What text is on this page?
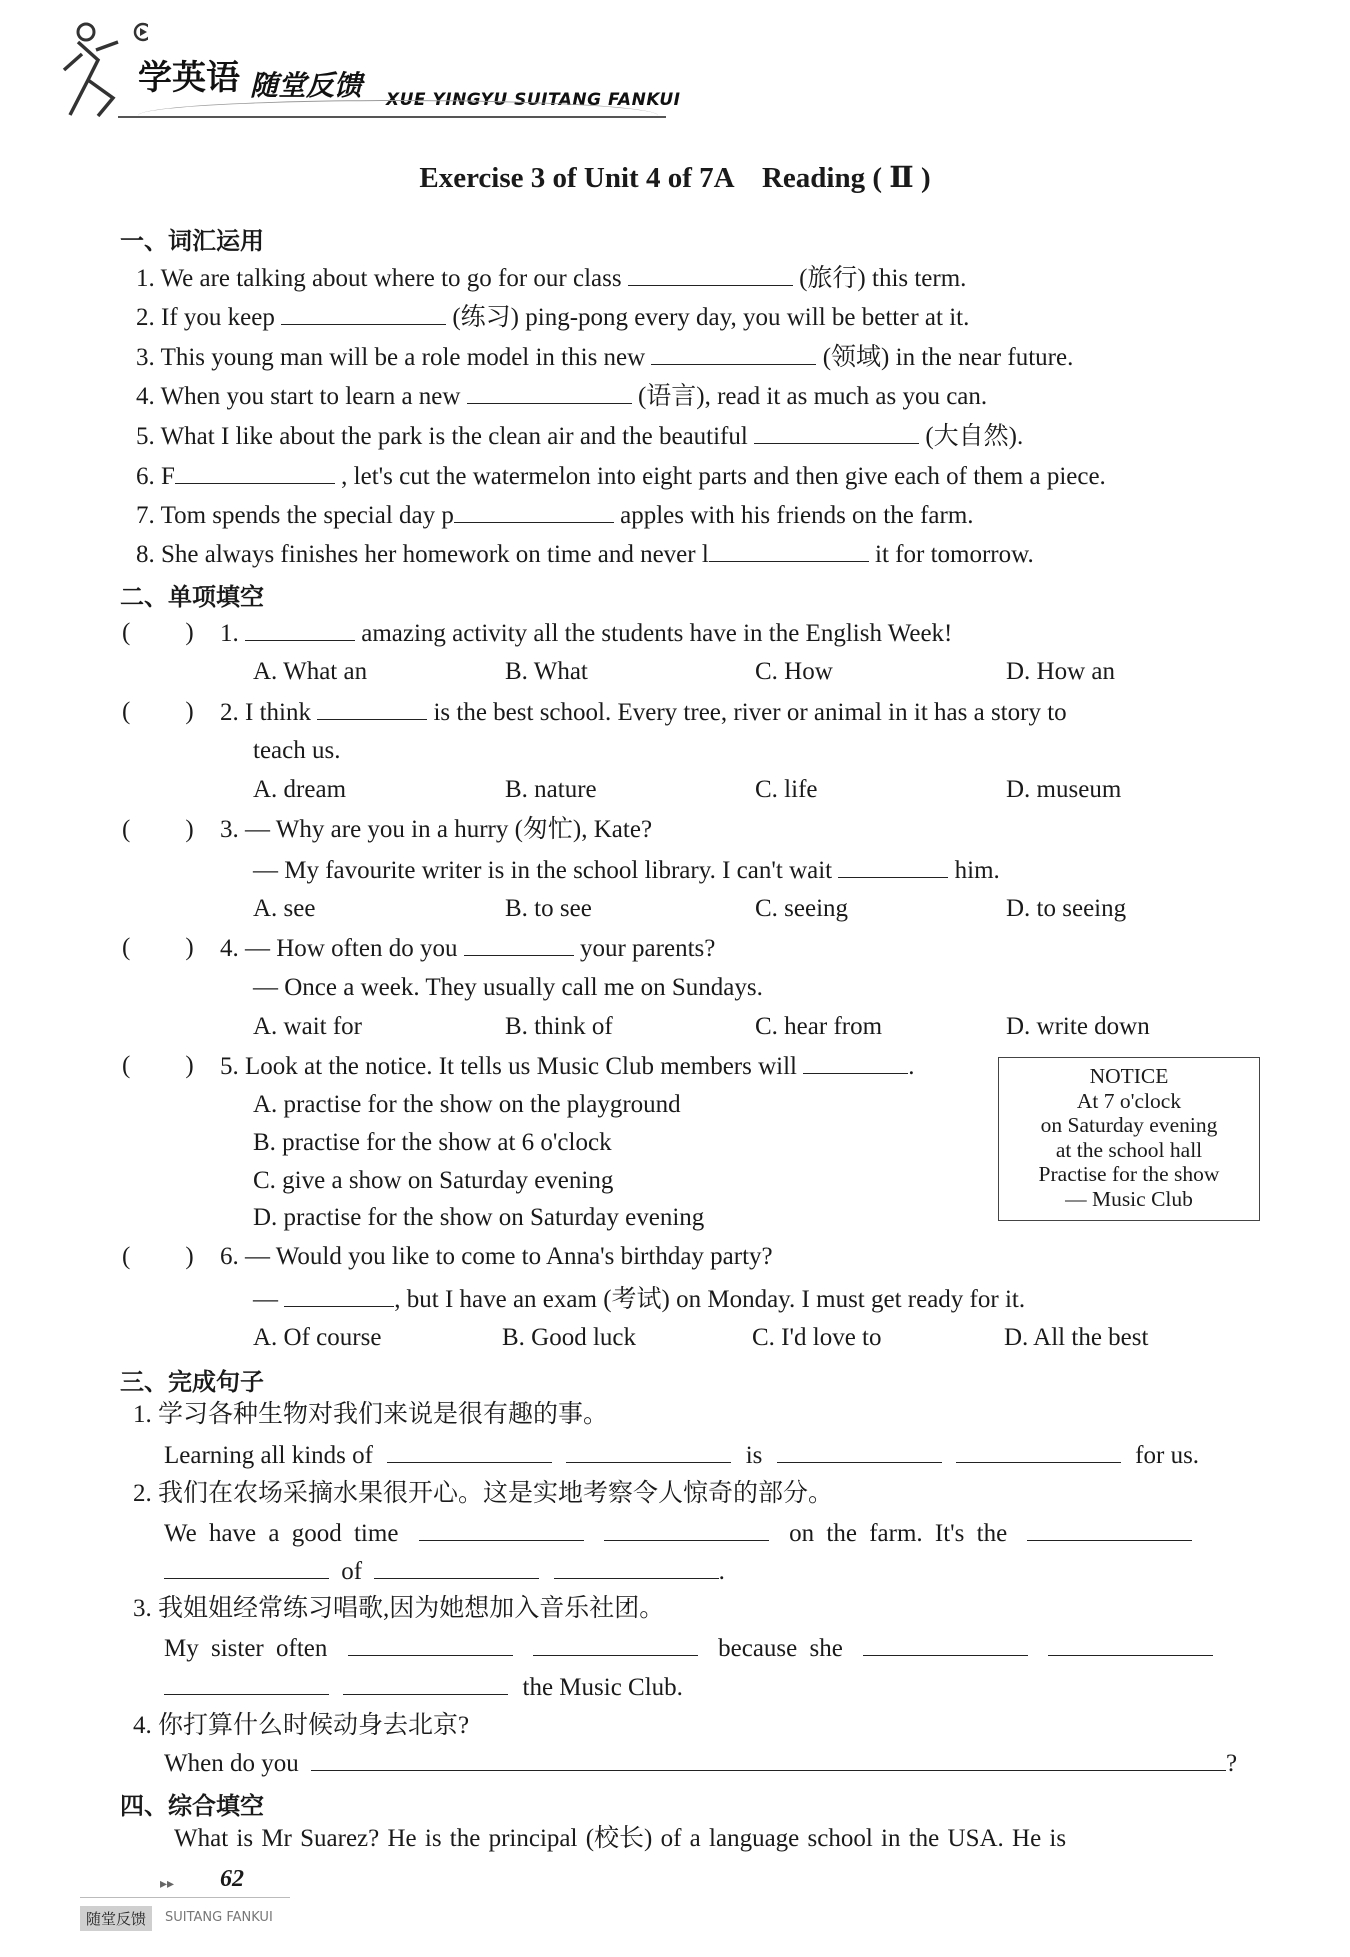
学英语 随堂反馈 XUE YINGYU SUITANG FANKUI
Exercise 3 of Unit 4 of 7A    Reading ( Ⅱ )
一、词汇运用
1. We are talking about where to go for our class	(旅行) this term.
2. If you keep	(练习) ping-pong every day, you will be better at it.
3. This young man will be a role model in this new	(领域) in the near future.
4. When you start to learn a new	(语言), read it as much as you can.
5. What I like about the park is the clean air and the beautiful	(大自然).
6. F	, let's cut the watermelon into eight parts and then give each of them a piece.
7. Tom spends the special day p	apples with his friends on the farm.
8. She always finishes her homework on time and never l	it for tomorrow.
二、单项填空
( )	1.	amazing activity all the students have in the English Week!
A. What an	B. What	C. How	D. How an
( )	2. I think	is the best school. Every tree, river or animal in it has a story to
teach us.
A. dream	B. nature	C. life	D. museum
( )	3. — Why are you in a hurry (匆忙), Kate?
— My favourite writer is in the school library. I can't wait	him.
A. see	B. to see	C. seeing	D. to seeing
( )	4. — How often do you	your parents?
— Once a week. They usually call me on Sundays.
A. wait for	B. think of	C. hear from	D. write down
( )	5. Look at the notice. It tells us Music Club members will	.
A. practise for the show on the playground
B. practise for the show at 6 o'clock
C. give a show on Saturday evening
D. practise for the show on Saturday evening
NOTICE
At 7 o'clock
on Saturday evening
at the school hall
Practise for the show
— Music Club
( )	6. — Would you like to come to Anna's birthday party?
—	, but I have an exam (考试) on Monday. I must get ready for it.
A. Of course	B. Good luck	C. I'd love to	D. All the best
三、完成句子
1. 学习各种生物对我们来说是很有趣的事。
Learning all kinds of	is	for us.
2. 我们在农场采摘水果很开心。这是实地考察令人惊奇的部分。
We have a good time	on the farm. It's the
of	.
3. 我姐姐经常练习唱歌,因为她想加入音乐社团。
My sister often	because she
the Music Club.
4. 你打算什么时候动身去北京?
When do you	?
四、综合填空
What is Mr Suarez? He is the principal (校长) of a language school in the USA. He is
▸▸ 62
随堂反馈	SUITANG FANKUI
